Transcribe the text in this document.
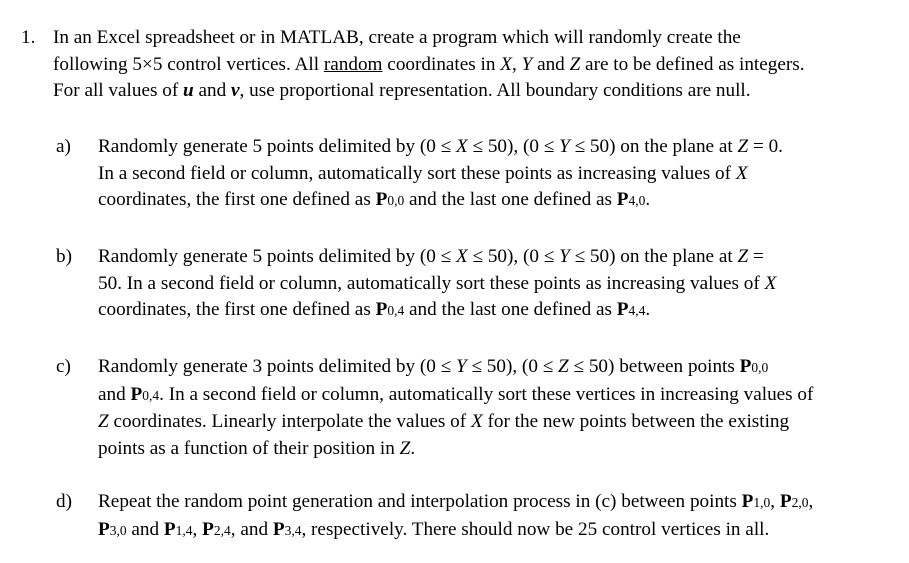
1. In an Excel spreadsheet or in MATLAB, create a program which will randomly create the
following 5×5 control vertices. All random coordinates in X, Y and Z are to be defined as integers.
For all values of u and v, use proportional representation. All boundary conditions are null.
a) Randomly generate 5 points delimited by (0 ≤ X ≤ 50), (0 ≤ Y ≤ 50) on the plane at Z = 0.
In a second field or column, automatically sort these points as increasing values of X
coordinates, the first one defined as P0,0 and the last one defined as P4,0.
b) Randomly generate 5 points delimited by (0 ≤ X ≤ 50), (0 ≤ Y ≤ 50) on the plane at Z =
50. In a second field or column, automatically sort these points as increasing values of X
coordinates, the first one defined as P0,4 and the last one defined as P4,4.
c) Randomly generate 3 points delimited by (0 ≤ Y ≤ 50), (0 ≤ Z ≤ 50) between points P0,0
and P0,4. In a second field or column, automatically sort these vertices in increasing values of
Z coordinates. Linearly interpolate the values of X for the new points between the existing
points as a function of their position in Z.
d) Repeat the random point generation and interpolation process in (c) between points P1,0, P2,0,
P3,0 and P1,4, P2,4, and P3,4, respectively. There should now be 25 control vertices in all.
